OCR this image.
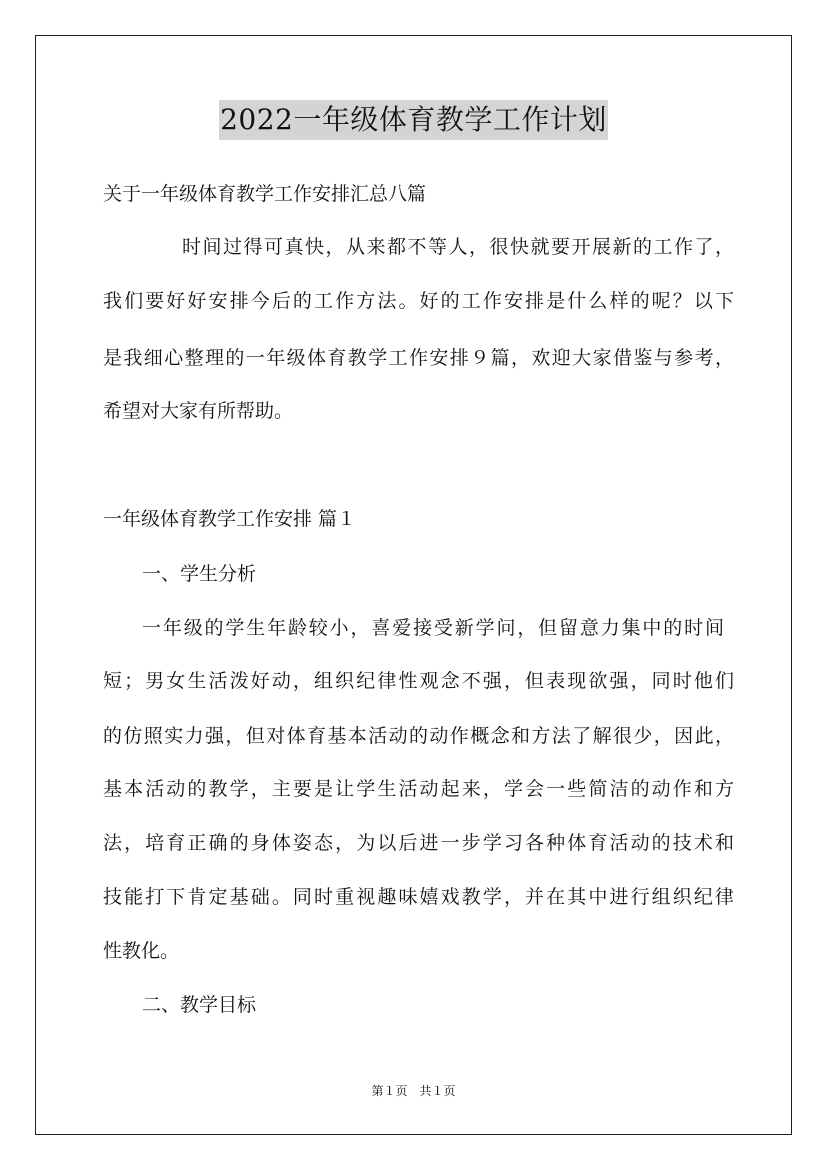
2022一年级体育教学工作计划
关于一年级体育教学工作安排汇总八篇
时间过得可真快，从来都不等人，很快就要开展新的工作了，
我们要好好安排今后的工作方法。好的工作安排是什么样的呢？以下
是我细心整理的一年级体育教学工作安排９篇，欢迎大家借鉴与参考，
希望对大家有所帮助。
一年级体育教学工作安排 篇１
一、学生分析
一年级的学生年龄较小，喜爱接受新学问，但留意力集中的时间
短；男女生活泼好动，组织纪律性观念不强，但表现欲强，同时他们
的仿照实力强，但对体育基本活动的动作概念和方法了解很少，因此，
基本活动的教学，主要是让学生活动起来，学会一些简洁的动作和方
法，培育正确的身体姿态，为以后进一步学习各种体育活动的技术和
技能打下肯定基础。同时重视趣味嬉戏教学，并在其中进行组织纪律
性教化。
二、教学目标
第１页　共１页
